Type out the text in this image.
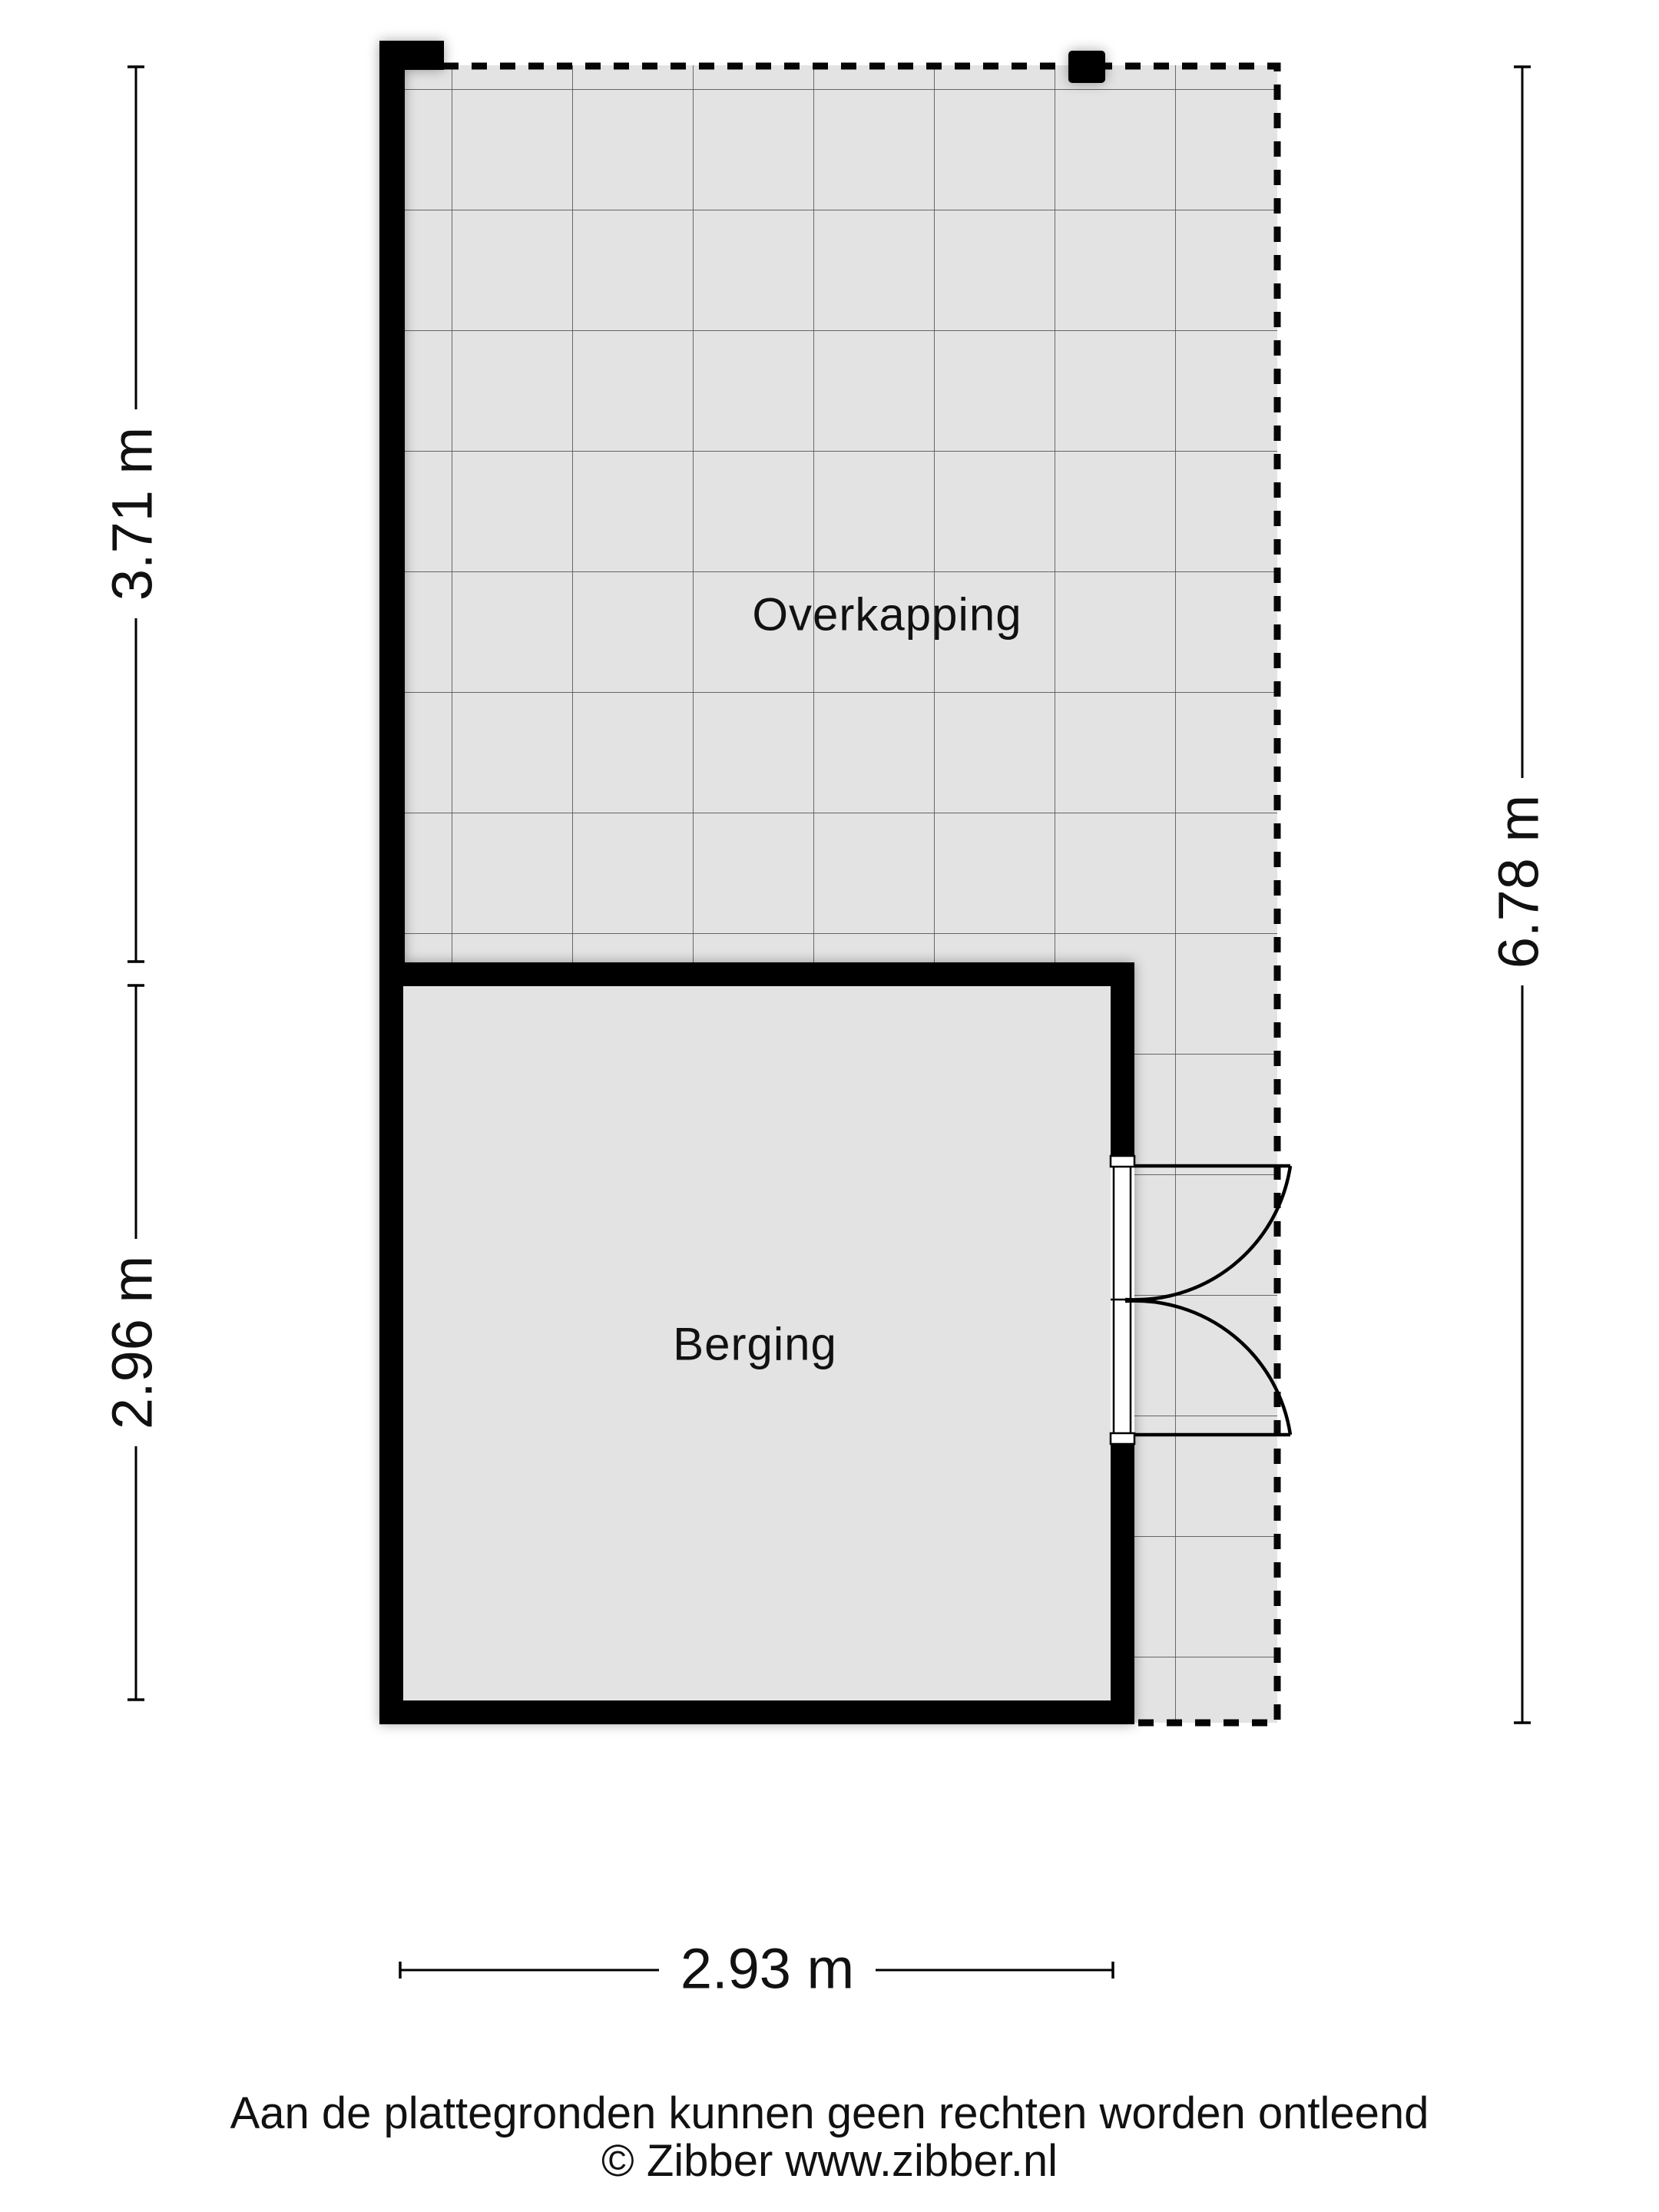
Overkapping
Berging
3.71 m
2.96 m
6.78 m
2.93 m
Aan de plattegronden kunnen geen rechten worden ontleend
© Zibber www.zibber.nl
